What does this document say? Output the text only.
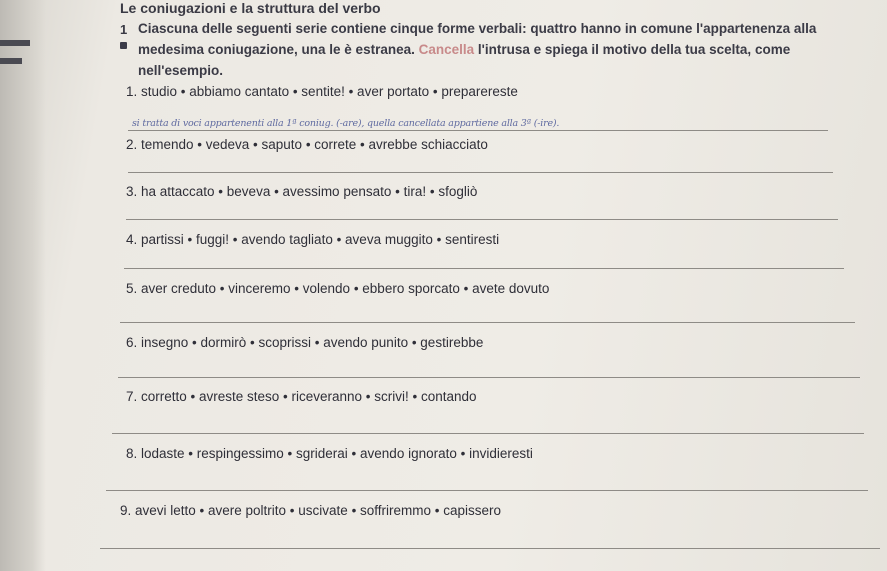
Le coniugazioni e la struttura del verbo
1 Ciascuna delle seguenti serie contiene cinque forme verbali: quattro hanno in comune l'appartenenza alla medesima coniugazione, una le è estranea. Cancella l'intrusa e spiega il motivo della tua scelta, come nell'esempio.
1. studio • abbiamo cantato • sentite! • aver portato • preparereste
si tratta di voci appartenenti alla 1ª coniug. (-are), quella cancellata appartiene alla 3ª (-ire).
2. temendo • vedeva • saputo • correte • avrebbe schiacciato
3. ha attaccato • beveva • avessimo pensato • tira! • sfogliò
4. partissi • fuggi! • avendo tagliato • aveva muggito • sentiresti
5. aver creduto • vinceremo • volendo • ebbero sporcato • avete dovuto
6. insegno • dormirò • scoprissi • avendo punito • gestirebbe
7. corretto • avreste steso • riceveranno • scrivi! • contando
8. lodaste • respingessimo • sgriderai • avendo ignorato • invidieresti
9. avevi letto • avere poltrito • uscivate • soffriremmo • capissero
